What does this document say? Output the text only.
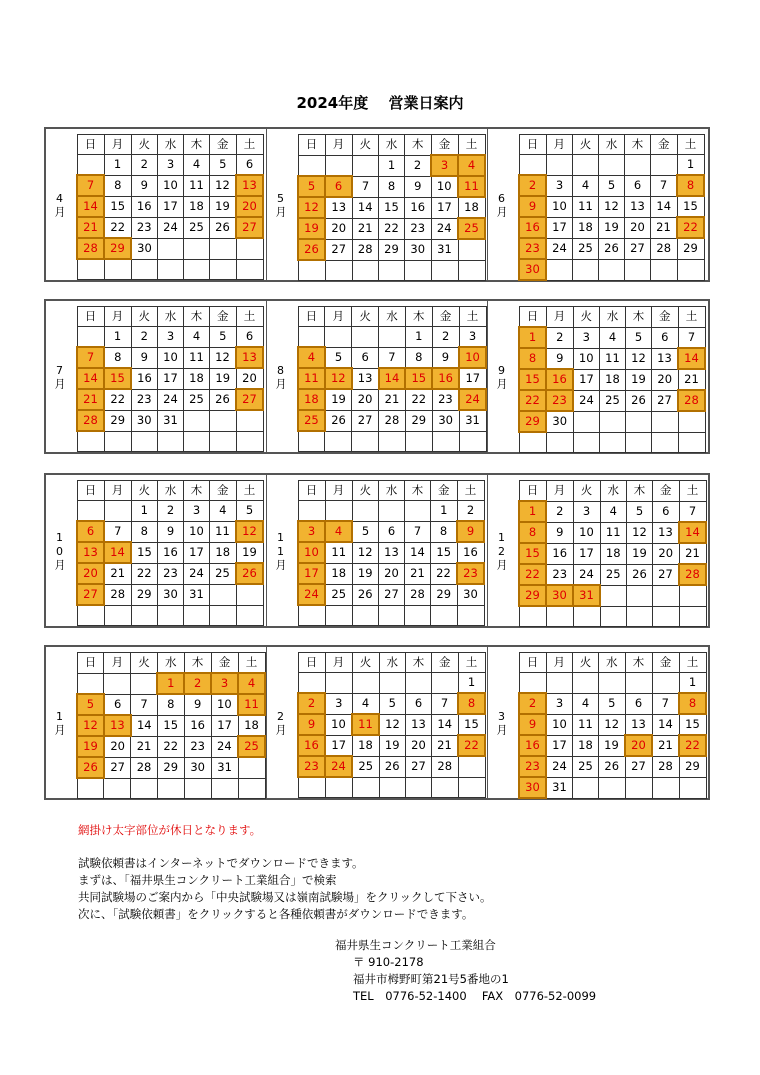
2024年度　 営業日案内
4月
日	月	火	水	木	金	土
	1	2	3	4	5	6
7	8	9	10	11	12	13
14	15	16	17	18	19	20
21	22	23	24	25	26	27
28	29	30				

5月
日	月	火	水	木	金	土
			1	2	3	4
5	6	7	8	9	10	11
12	13	14	15	16	17	18
19	20	21	22	23	24	25
26	27	28	29	30	31	

6月
日	月	火	水	木	金	土
						1
2	3	4	5	6	7	8
9	10	11	12	13	14	15
16	17	18	19	20	21	22
23	24	25	26	27	28	29
30						
7月
日	月	火	水	木	金	土
	1	2	3	4	5	6
7	8	9	10	11	12	13
14	15	16	17	18	19	20
21	22	23	24	25	26	27
28	29	30	31			

8月
日	月	火	水	木	金	土
				1	2	3
4	5	6	7	8	9	10
11	12	13	14	15	16	17
18	19	20	21	22	23	24
25	26	27	28	29	30	31

9月
日	月	火	水	木	金	土
1	2	3	4	5	6	7
8	9	10	11	12	13	14
15	16	17	18	19	20	21
22	23	24	25	26	27	28
29	30					

10月
日	月	火	水	木	金	土
		1	2	3	4	5
6	7	8	9	10	11	12
13	14	15	16	17	18	19
20	21	22	23	24	25	26
27	28	29	30	31		

11月
日	月	火	水	木	金	土
					1	2
3	4	5	6	7	8	9
10	11	12	13	14	15	16
17	18	19	20	21	22	23
24	25	26	27	28	29	30

12月
日	月	火	水	木	金	土
1	2	3	4	5	6	7
8	9	10	11	12	13	14
15	16	17	18	19	20	21
22	23	24	25	26	27	28
29	30	31				

1月
日	月	火	水	木	金	土
			1	2	3	4
5	6	7	8	9	10	11
12	13	14	15	16	17	18
19	20	21	22	23	24	25
26	27	28	29	30	31	

2月
日	月	火	水	木	金	土
						1
2	3	4	5	6	7	8
9	10	11	12	13	14	15
16	17	18	19	20	21	22
23	24	25	26	27	28	

3月
日	月	火	水	木	金	土
						1
2	3	4	5	6	7	8
9	10	11	12	13	14	15
16	17	18	19	20	21	22
23	24	25	26	27	28	29
30	31					
網掛け太字部位が休日となります。
試験依頼書はインターネットでダウンロードできます。
まずは、「福井県生コンクリート工業組合」で検索
共同試験場のご案内から「中央試験場又は嶺南試験場」をクリックして下さい。
次に、「試験依頼書」をクリックすると各種依頼書がダウンロードできます。
福井県生コンクリート工業組合
〒 910-2178
福井市栂野町第21号5番地の1
TEL　0776-52-1400　 FAX　0776-52-0099
